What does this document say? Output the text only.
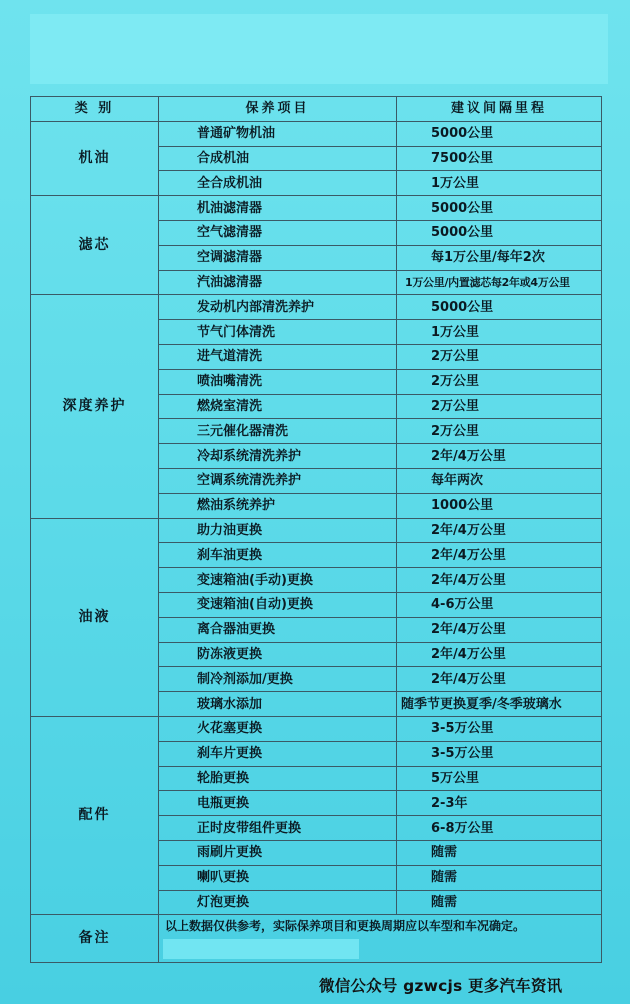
类 别	保养项目	建议间隔里程
机油	普通矿物机油	5000公里
	合成机油	7500公里
	全合成机油	1万公里
滤芯	机油滤清器	5000公里
	空气滤清器	5000公里
	空调滤清器	每1万公里/每年2次
	汽油滤清器	1万公里/内置滤芯每2年或4万公里
深度养护	发动机内部清洗养护	5000公里
	节气门体清洗	1万公里
	进气道清洗	2万公里
	喷油嘴清洗	2万公里
	燃烧室清洗	2万公里
	三元催化器清洗	2万公里
	冷却系统清洗养护	2年/4万公里
	空调系统清洗养护	每年两次
	燃油系统养护	1000公里
油液	助力油更换	2年/4万公里
	刹车油更换	2年/4万公里
	变速箱油(手动)更换	2年/4万公里
	变速箱油(自动)更换	4-6万公里
	离合器油更换	2年/4万公里
	防冻液更换	2年/4万公里
	制冷剂添加/更换	2年/4万公里
	玻璃水添加	随季节更换夏季/冬季玻璃水
配件	火花塞更换	3-5万公里
	刹车片更换	3-5万公里
	轮胎更换	5万公里
	电瓶更换	2-3年
	正时皮带组件更换	6-8万公里
	雨刷片更换	随需
	喇叭更换	随需
	灯泡更换	随需
备注	以上数据仅供参考，实际保养项目和更换周期应以车型和车况确定。	
微信公众号 gzwcjs 更多汽车资讯
